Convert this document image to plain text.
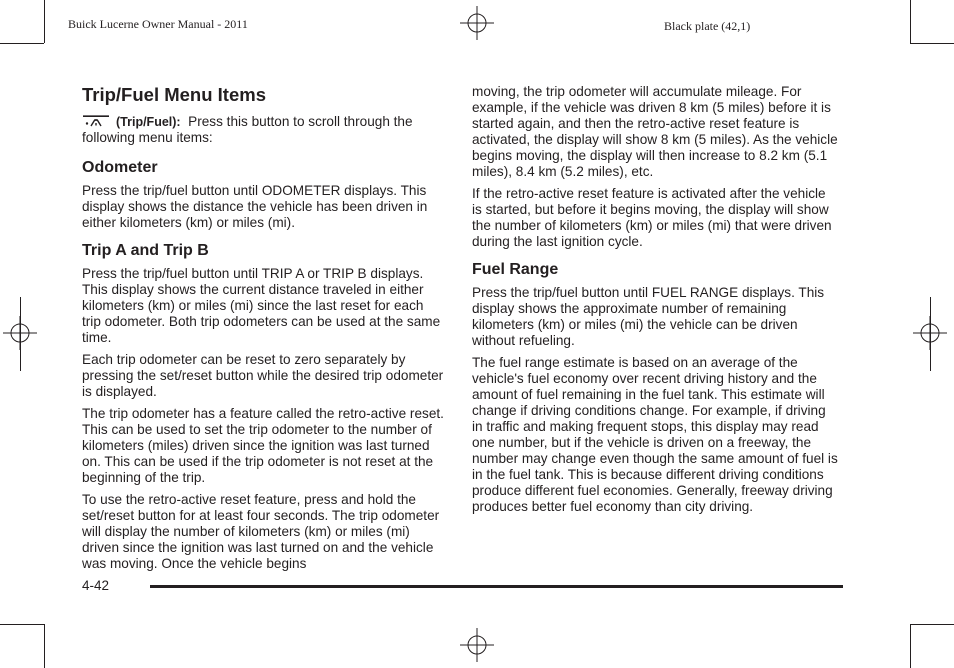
Buick Lucerne Owner Manual - 2011	Black plate (42,1)
Trip/Fuel Menu Items

(Trip/Fuel): Press this button to scroll through the following menu items:

Odometer

Press the trip/fuel button until ODOMETER displays. This display shows the distance the vehicle has been driven in either kilometers (km) or miles (mi).

Trip A and Trip B

Press the trip/fuel button until TRIP A or TRIP B displays. This display shows the current distance traveled in either kilometers (km) or miles (mi) since the last reset for each trip odometer. Both trip odometers can be used at the same time.

Each trip odometer can be reset to zero separately by pressing the set/reset button while the desired trip odometer is displayed.

The trip odometer has a feature called the retro-active reset. This can be used to set the trip odometer to the number of kilometers (miles) driven since the ignition was last turned on. This can be used if the trip odometer is not reset at the beginning of the trip.

To use the retro-active reset feature, press and hold the set/reset button for at least four seconds. The trip odometer will display the number of kilometers (km) or miles (mi) driven since the ignition was last turned on and the vehicle was moving. Once the vehicle begins

moving, the trip odometer will accumulate mileage. For example, if the vehicle was driven 8 km (5 miles) before it is started again, and then the retro-active reset feature is activated, the display will show 8 km (5 miles). As the vehicle begins moving, the display will then increase to 8.2 km (5.1 miles), 8.4 km (5.2 miles), etc.

If the retro-active reset feature is activated after the vehicle is started, but before it begins moving, the display will show the number of kilometers (km) or miles (mi) that were driven during the last ignition cycle.

Fuel Range

Press the trip/fuel button until FUEL RANGE displays. This display shows the approximate number of remaining kilometers (km) or miles (mi) the vehicle can be driven without refueling.

The fuel range estimate is based on an average of the vehicle's fuel economy over recent driving history and the amount of fuel remaining in the fuel tank. This estimate will change if driving conditions change. For example, if driving in traffic and making frequent stops, this display may read one number, but if the vehicle is driven on a freeway, the number may change even though the same amount of fuel is in the fuel tank. This is because different driving conditions produce different fuel economies. Generally, freeway driving produces better fuel economy than city driving.

4-42
